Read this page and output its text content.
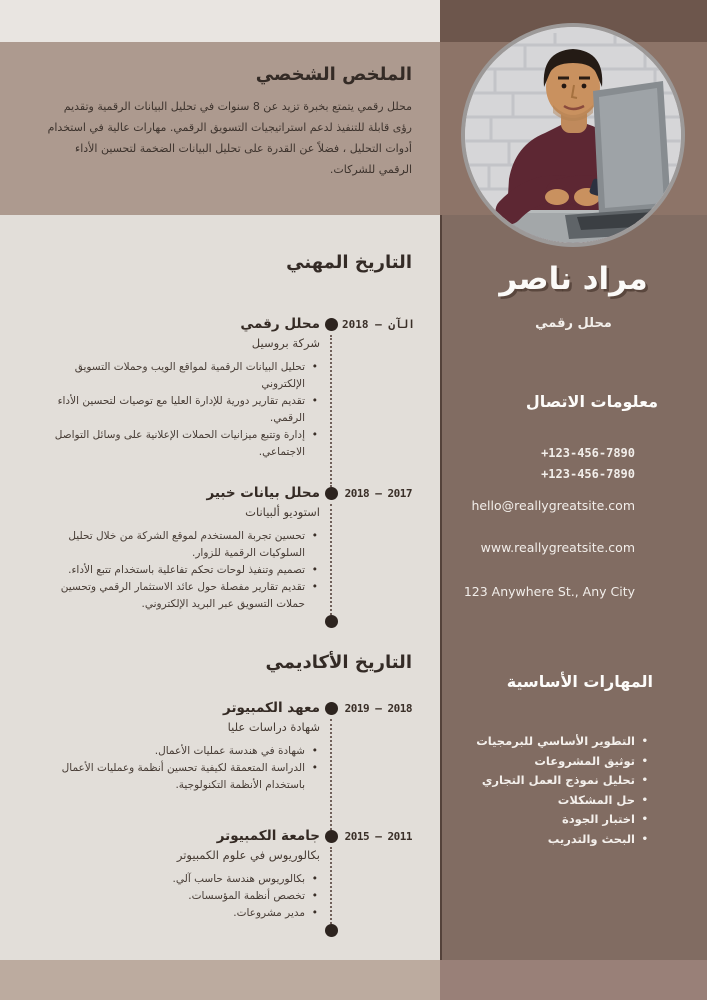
الملخص الشخصي

محلل رقمي يتمتع بخبرة تزيد عن 8 سنوات في تحليل البيانات الرقمية وتقديم رؤى قابلة للتنفيذ لدعم استراتيجيات التسويق الرقمي. مهارات عالية في استخدام أدوات التحليل ، فضلاً عن القدرة على تحليل البيانات الضخمة لتحسين الأداء الرقمي للشركات.

التاريخ المهني
2018 – الآن
محلل رقمي
شركة بروسيل
• تحليل البيانات الرقمية لمواقع الويب وحملات التسويق الإلكتروني
• تقديم تقارير دورية للإدارة العليا مع توصيات لتحسين الأداء الرقمي.
• إدارة وتتبع ميزانيات الحملات الإعلانية على وسائل التواصل الاجتماعي.
2018 – 2017
محلل بيانات خبير
استوديو ألبيانات
• تحسين تجربة المستخدم لموقع الشركة من خلال تحليل السلوكيات الرقمية للزوار.
• تصميم وتنفيذ لوحات تحكم تفاعلية باستخدام تتبع الأداء.
• تقديم تقارير مفصلة حول عائد الاستثمار الرقمي وتحسين حملات التسويق عبر البريد الإلكتروني.
التاريخ الأكاديمي
2019 – 2018
معهد الكمبيوتر
شهادة دراسات عليا
• شهادة في هندسة عمليات الأعمال.
• الدراسة المتعمقة لكيفية تحسين أنظمة وعمليات الأعمال باستخدام الأنظمة التكنولوجية.
2015 – 2011
جامعة الكمبيوتر
بكالوريوس في علوم الكمبيوتر
• بكالوريوس هندسة حاسب آلي.
• تخصص أنظمة المؤسسات.
• مدير مشروعات.
مراد ناصر
محلل رقمي
معلومات الاتصال
+123-456-7890
+123-456-7890
hello@reallygreatsite.com
www.reallygreatsite.com
123 Anywhere St., Any City
المهارات الأساسية
• التطوير الأساسي للبرمجيات
• توثيق المشروعات
• تحليل نموذج العمل التجاري
• حل المشكلات
• اختبار الجودة
• البحث والتدريب
